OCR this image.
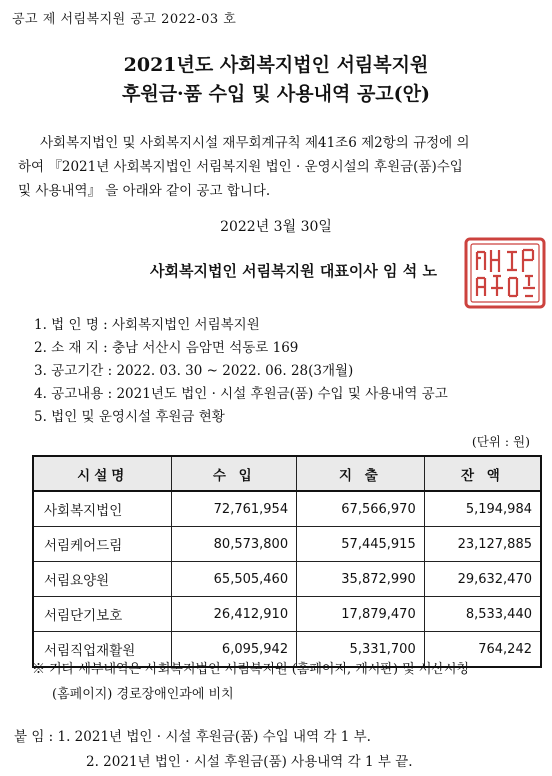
공고 제 서림복지원 공고 2022-03 호
2021년도 사회복지법인 서림복지원
후원금·품 수입 및 사용내역 공고(안)
사회복지법인 및 사회복지시설 재무회계규칙 제41조6 제2항의 규정에 의
하여 『2021년 사회복지법인 서림복지원 법인 · 운영시설의 후원금(품)수입
및 사용내역』 을 아래와 같이 공고 합니다.
2022년 3월 30일
사회복지법인 서림복지원 대표이사 임 석 노
1. 법 인 명 : 사회복지법인 서림복지원
2. 소 재 지 : 충남 서산시 음암면 석동로 169
3. 공고기간 : 2022. 03. 30 ~ 2022. 06. 28(3개월)
4. 공고내용 : 2021년도 법인 · 시설 후원금(품) 수입 및 사용내역 공고
5. 법인 및 운영시설 후원금 현황
(단위 : 원)
시설명	수 입	지 출	잔 액
사회복지법인	72,761,954	67,566,970	5,194,984
서림케어드림	80,573,800	57,445,915	23,127,885
서림요양원	65,505,460	35,872,990	29,632,470
서림단기보호	26,412,910	17,879,470	8,533,440
서림직업재활원	6,095,942	5,331,700	764,242
※ 기타 세부내역은 사회복지법인 서림복지원 (홈페이지, 게시판) 및 서산시청
(홈페이지) 경로장애인과에 비치
붙 임 : 1. 2021년 법인 · 시설 후원금(품) 수입 내역 각 1 부.
2. 2021년 법인 · 시설 후원금(품) 사용내역 각 1 부 끝.
